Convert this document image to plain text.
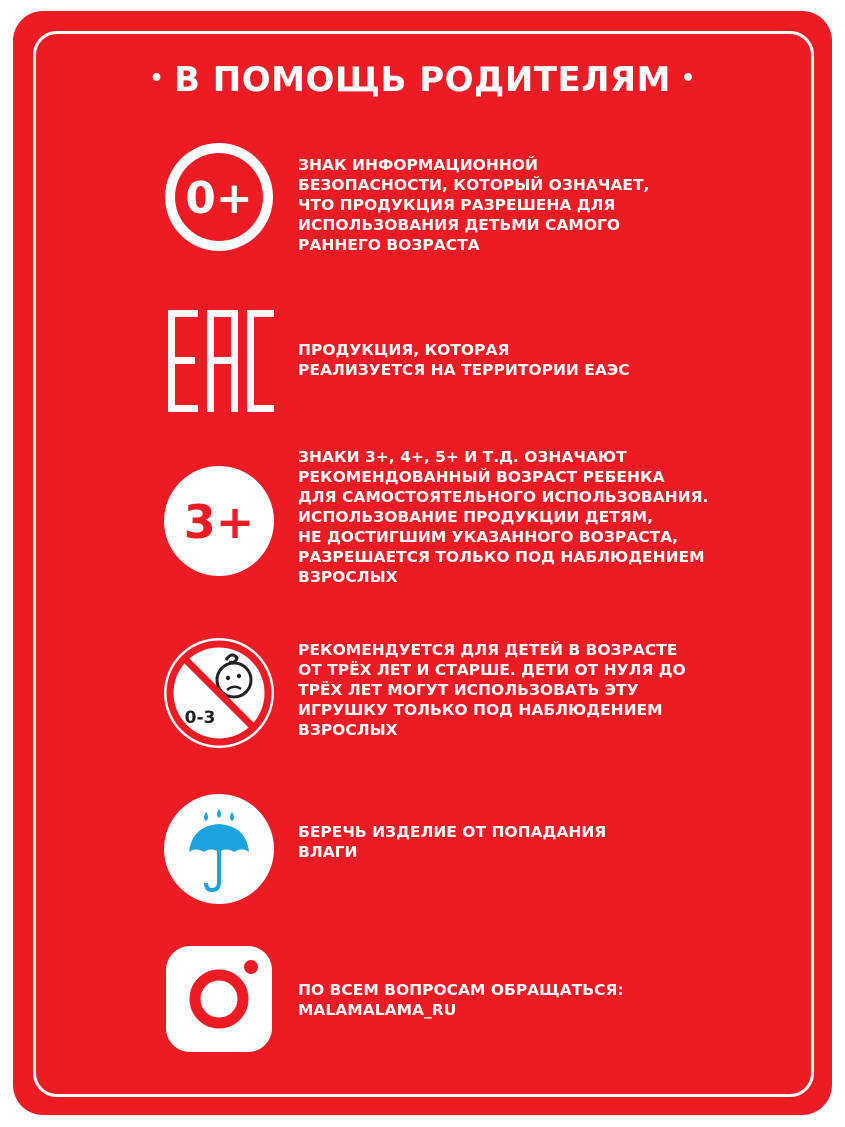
• В ПОМОЩЬ РОДИТЕЛЯМ •
0+
ЗНАК ИНФОРМАЦИОННОЙ
БЕЗОПАСНОСТИ, КОТОРЫЙ ОЗНАЧАЕТ,
ЧТО ПРОДУКЦИЯ РАЗРЕШЕНА ДЛЯ
ИСПОЛЬЗОВАНИЯ ДЕТЬМИ САМОГО
РАННЕГО ВОЗРАСТА
ПРОДУКЦИЯ, КОТОРАЯ
РЕАЛИЗУЕТСЯ НА ТЕРРИТОРИИ ЕАЭС
3+
ЗНАКИ 3+, 4+, 5+ И Т.Д. ОЗНАЧАЮТ
РЕКОМЕНДОВАННЫЙ ВОЗРАСТ РЕБЕНКА
ДЛЯ САМОСТОЯТЕЛЬНОГО ИСПОЛЬЗОВАНИЯ.
ИСПОЛЬЗОВАНИЕ ПРОДУКЦИИ ДЕТЯМ,
НЕ ДОСТИГШИМ УКАЗАННОГО ВОЗРАСТА,
РАЗРЕШАЕТСЯ ТОЛЬКО ПОД НАБЛЮДЕНИЕМ
ВЗРОСЛЫХ
0-3
РЕКОМЕНДУЕТСЯ ДЛЯ ДЕТЕЙ В ВОЗРАСТЕ
ОТ ТРЁХ ЛЕТ И СТАРШЕ. ДЕТИ ОТ НУЛЯ ДО
ТРЁХ ЛЕТ МОГУТ ИСПОЛЬЗОВАТЬ ЭТУ
ИГРУШКУ ТОЛЬКО ПОД НАБЛЮДЕНИЕМ
ВЗРОСЛЫХ
БЕРЕЧЬ ИЗДЕЛИЕ ОТ ПОПАДАНИЯ
ВЛАГИ
ПО ВСЕМ ВОПРОСАМ ОБРАЩАТЬСЯ:
MALAMALAMA_RU
